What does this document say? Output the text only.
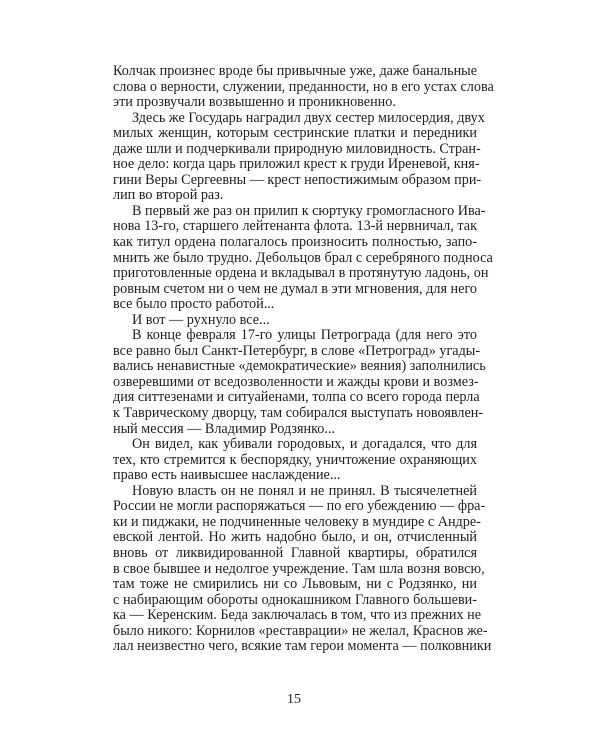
Колчак произнес вроде бы привычные уже, даже банальные
слова о верности, служении, преданности, но в его устах слова
эти прозвучали возвышенно и проникновенно.
Здесь же Государь наградил двух сестер милосердия, двух
милых женщин, которым сестринские платки и передники
даже шли и подчеркивали природную миловидность. Стран-
ное дело: когда царь приложил крест к груди Иреневой, кня-
гини Веры Сергеевны — крест непостижимым образом при-
лип во второй раз.
В первый же раз он прилип к сюртуку громогласного Ива-
нова 13-го, старшего лейтенанта флота. 13-й нервничал, так
как титул ордена полагалось произносить полностью, запо-
мнить же было трудно. Дебольцов брал с серебряного подноса
приготовленные ордена и вкладывал в протянутую ладонь, он
ровным счетом ни о чем не думал в эти мгновения, для него
все было просто работой...
И вот — рухнуло все...
В конце февраля 17-го улицы Петрограда (для него это
все равно был Санкт-Петербург, в слове «Петроград» угады-
вались ненавистные «демократические» веяния) заполнились
озверевшими от вседозволенности и жажды крови и возмез-
дия ситтезенами и ситуайенами, толпа со всего города перла
к Таврическому дворцу, там собирался выступать новоявлен-
ный мессия — Владимир Родзянко...
Он видел, как убивали городовых, и догадался, что для
тех, кто стремится к беспорядку, уничтожение охраняющих
право есть наивысшее наслаждение...
Новую власть он не понял и не принял. В тысячелетней
России не могли распоряжаться — по его убеждению — фра-
ки и пиджаки, не подчиненные человеку в мундире с Андре-
евской лентой. Но жить надобно было, и он, отчисленный
вновь от ликвидированной Главной квартиры, обратился
в свое бывшее и недолгое учреждение. Там шла возня вовсю,
там тоже не смирились ни со Львовым, ни с Родзянко, ни
с набирающим обороты однокашником Главного большеви-
ка — Керенским. Беда заключалась в том, что из прежних не
было никого: Корнилов «реставрации» не желал, Краснов же-
лал неизвестно чего, всякие там герои момента — полковники
15
